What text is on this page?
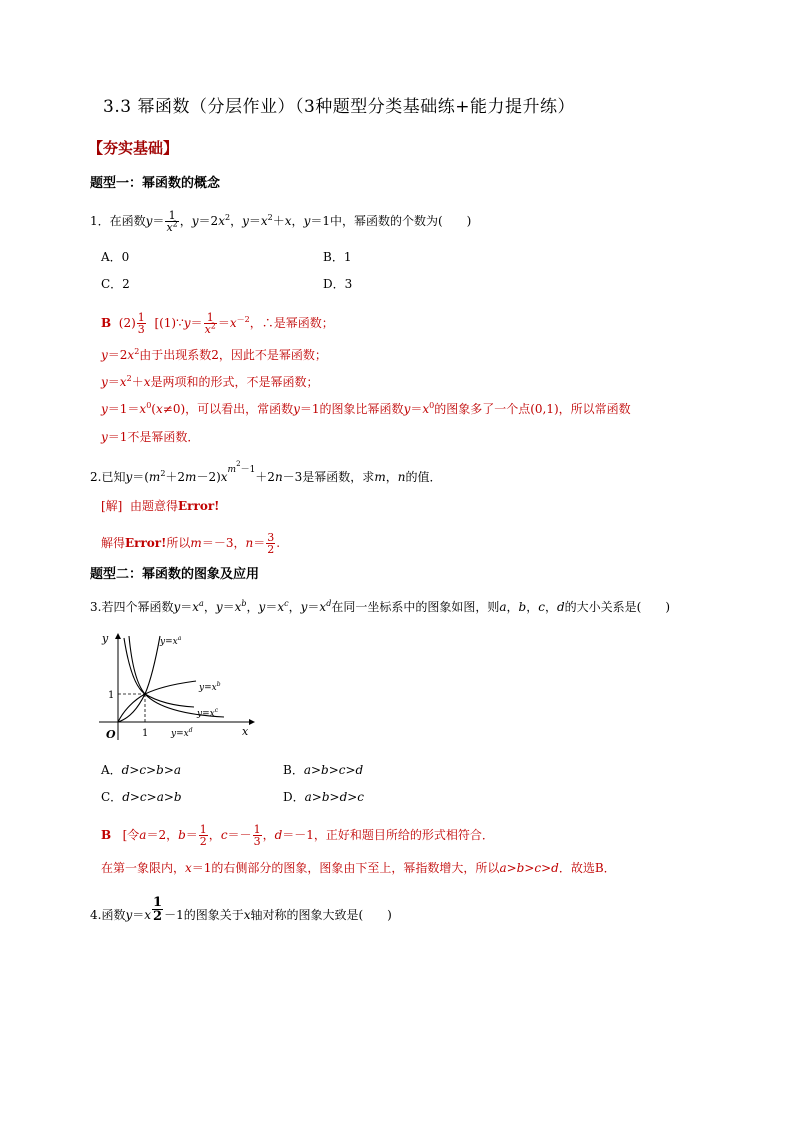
3.3 幂函数（分层作业）（3种题型分类基础练+能力提升练）
【夯实基础】
题型一：幂函数的概念
1．在函数$y= \frac{1}{x^2}$ ，$y=2x^2$，$y=x^2+x$，y＝1中，幂函数的个数为(　　)
A．0	B．1
C．2	D．3
B $(2) \frac{1}{3}$ [(1)∵y＝ $\frac{1}{x^2} =x^{-2}$，∴是幂函数；
$y=2x^2$由于出现系数2，因此不是幂函数；
$y=x^2+x$是两项和的形式，不是幂函数；
$y=1=x^0(x\ne 0)$，可以看出，常函数y＝1的图象比幂函数$y=x^0$的图象多了一个点(0,1)，所以常函数
y＝1不是幂函数．
2.已知$y=(m^2+2m-2)x^{m^2-1}+2n-3$是幂函数，求m，n的值．
[解] 由题意得Error!
解得Error!所以m＝－3，$n= \frac{3}{2}$ .
题型二：幂函数的图象及应用
3.若四个幂函数$y=x^a$，$y=x^b$，$y=x^c$，$y=x^d$在同一坐标系中的图象如图，则a，b，c，d的大小关系是(　　)
y
x
O	1
1
$y=x^a$
$y=x^b$
$y=x^c$
$y=x^d$
A．d>c>b>a	B．a>b>c>d
C．d>c>a>b	D．a>b>d>c
B [令a＝2，$b= \frac{1}{2}$ ，$c=- \frac{1}{3}$ ，d＝－1，正好和题目所给的形式相符合．
在第一象限内，x＝1的右侧部分的图象，图象由下至上，幂指数增大，所以a>b>c>d．故选B．
4.函数$y=x \frac{1}{2} -1$的图象关于x轴对称的图象大致是(　　)
